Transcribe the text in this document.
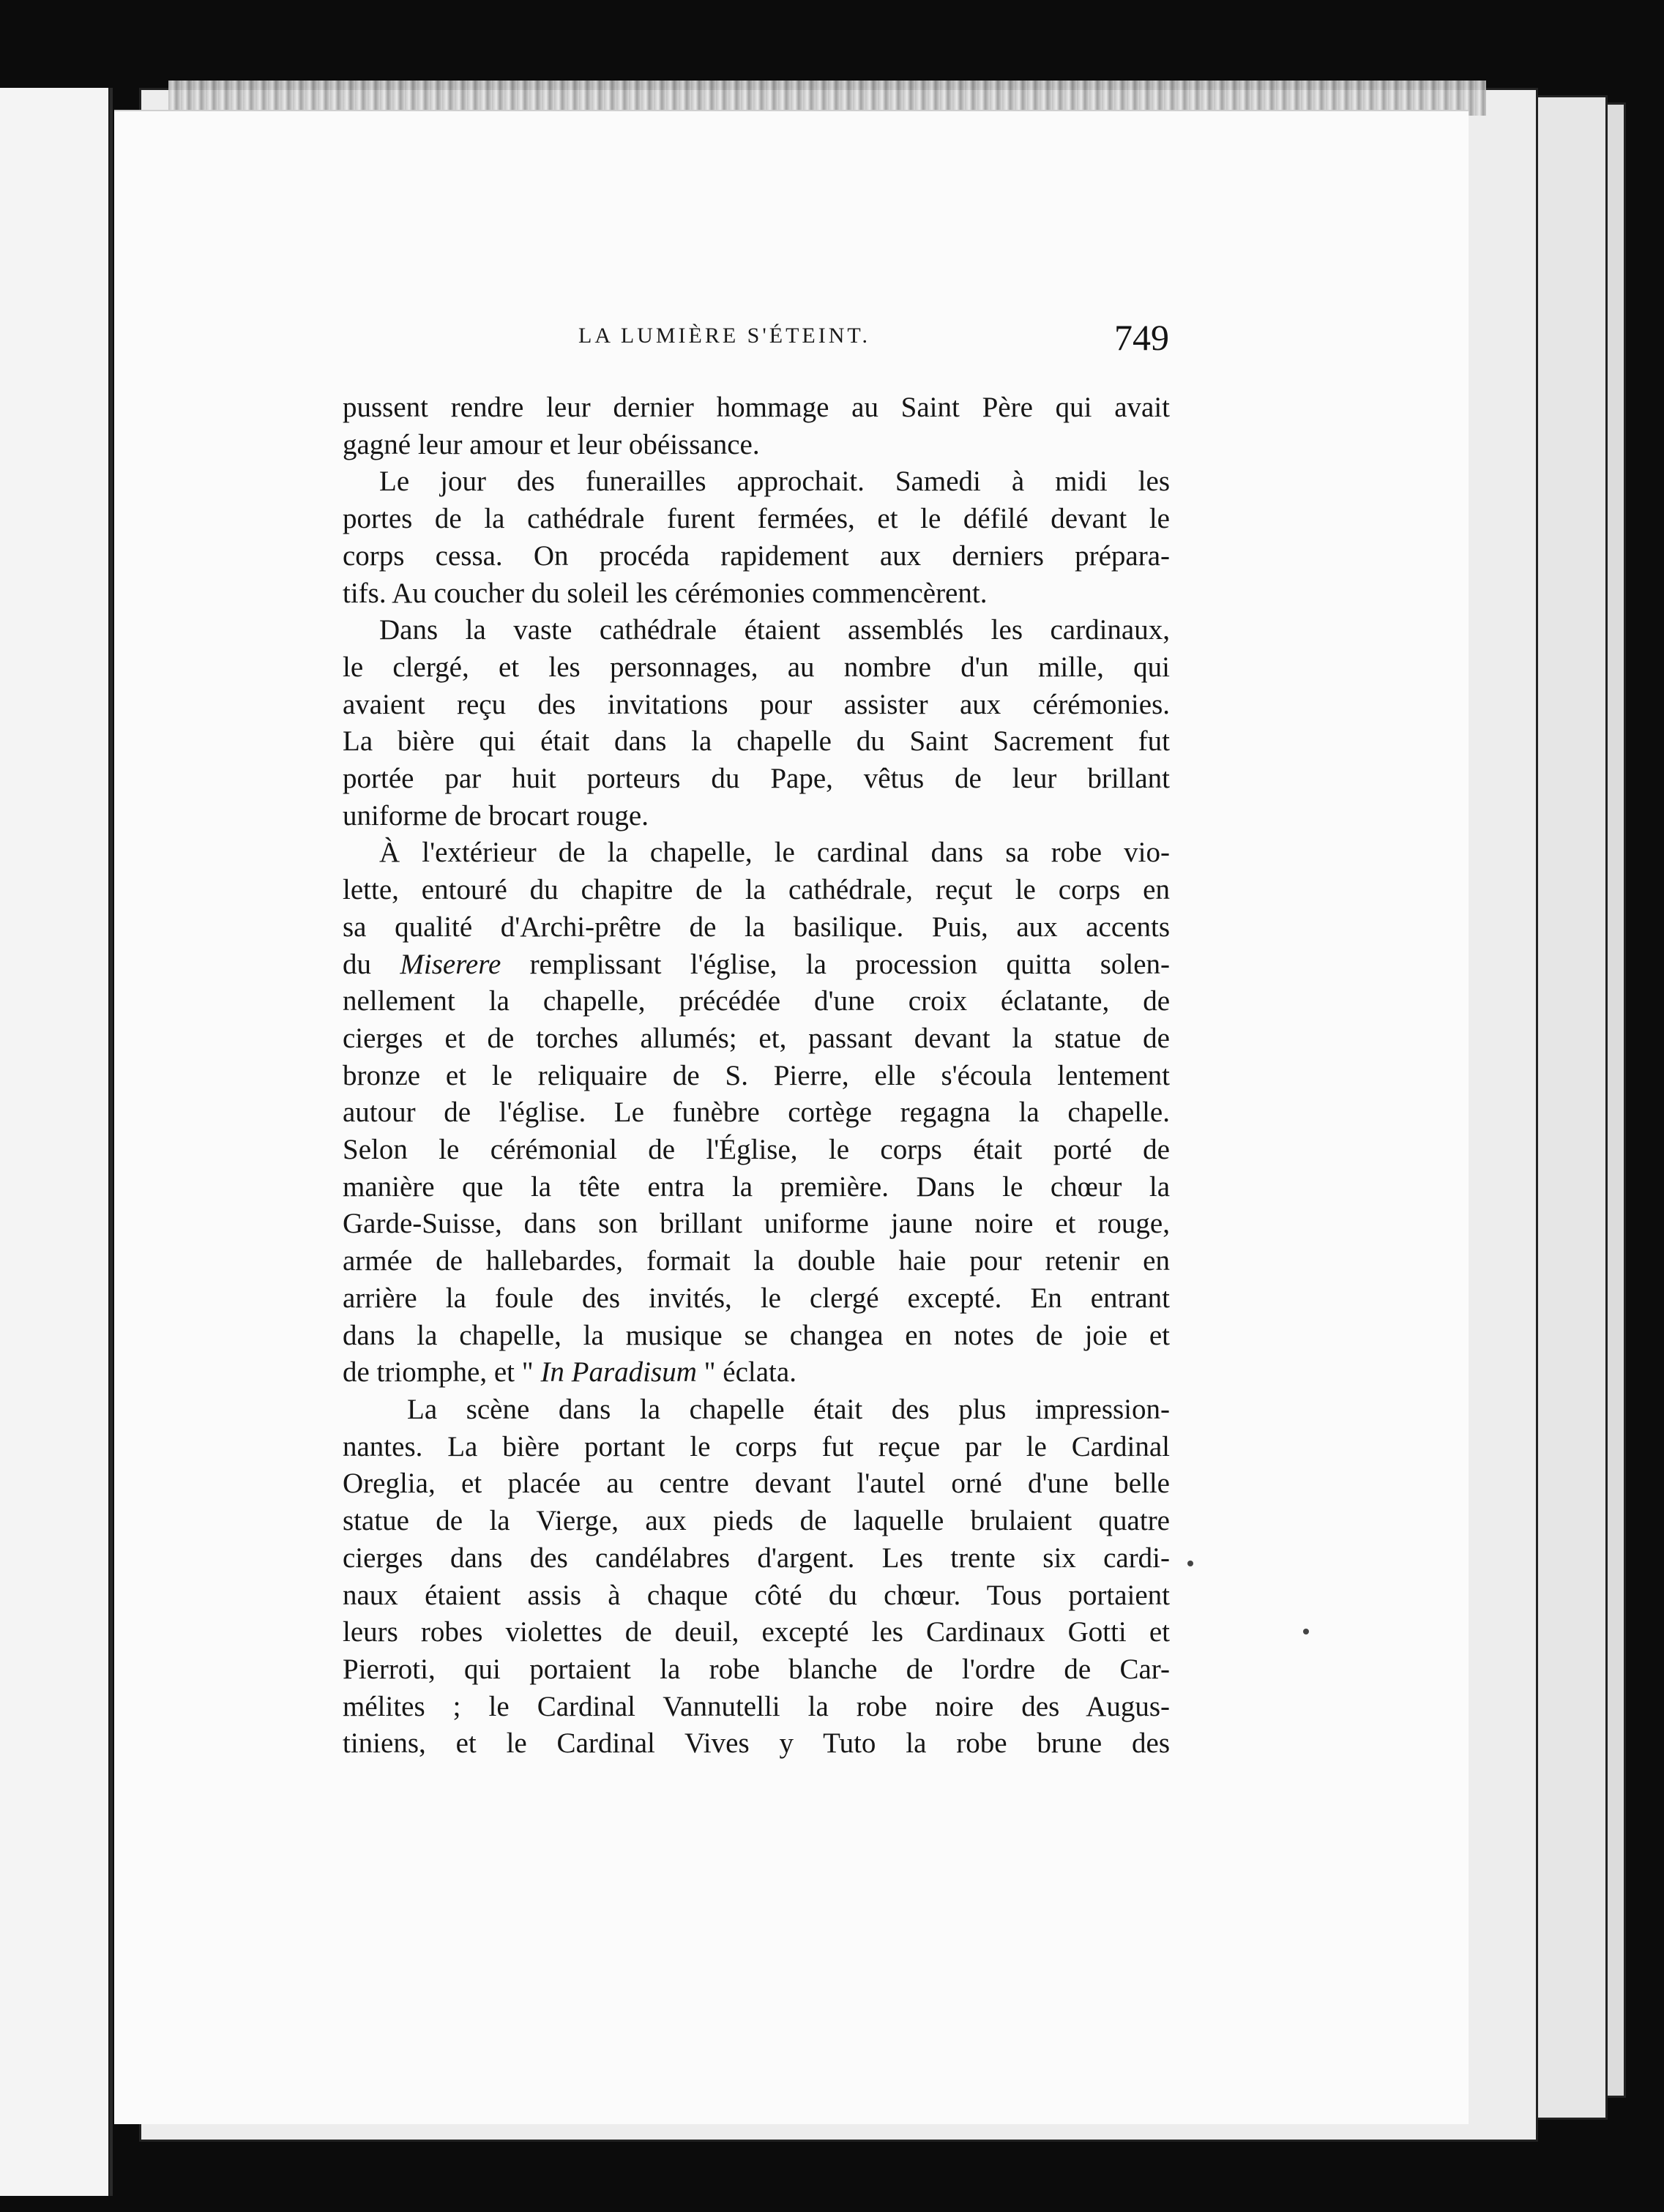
LA LUMIÈRE S'ÉTEINT.	749
pussent rendre leur dernier hommage au Saint Père qui avait
gagné leur amour et leur obéissance.
Le jour des funerailles approchait. Samedi à midi les
portes de la cathédrale furent fermées, et le défilé devant le
corps cessa. On procéda rapidement aux derniers prépara-
tifs. Au coucher du soleil les cérémonies commencèrent.
Dans la vaste cathédrale étaient assemblés les cardinaux,
le clergé, et les personnages, au nombre d'un mille, qui
avaient reçu des invitations pour assister aux cérémonies.
La bière qui était dans la chapelle du Saint Sacrement fut
portée par huit porteurs du Pape, vêtus de leur brillant
uniforme de brocart rouge.
À l'extérieur de la chapelle, le cardinal dans sa robe vio-
lette, entouré du chapitre de la cathédrale, reçut le corps en
sa qualité d'Archi-prêtre de la basilique. Puis, aux accents
du Miserere remplissant l'église, la procession quitta solen-
nellement la chapelle, précédée d'une croix éclatante, de
cierges et de torches allumés; et, passant devant la statue de
bronze et le reliquaire de S. Pierre, elle s'écoula lentement
autour de l'église. Le funèbre cortège regagna la chapelle.
Selon le cérémonial de l'Église, le corps était porté de
manière que la tête entra la première. Dans le chœur la
Garde-Suisse, dans son brillant uniforme jaune noire et rouge,
armée de hallebardes, formait la double haie pour retenir en
arrière la foule des invités, le clergé excepté. En entrant
dans la chapelle, la musique se changea en notes de joie et
de triomphe, et " In Paradisum " éclata.
La scène dans la chapelle était des plus impression-
nantes. La bière portant le corps fut reçue par le Cardinal
Oreglia, et placée au centre devant l'autel orné d'une belle
statue de la Vierge, aux pieds de laquelle brulaient quatre
cierges dans des candélabres d'argent. Les trente six cardi-
naux étaient assis à chaque côté du chœur. Tous portaient
leurs robes violettes de deuil, excepté les Cardinaux Gotti et
Pierroti, qui portaient la robe blanche de l'ordre de Car-
mélites ; le Cardinal Vannutelli la robe noire des Augus-
tiniens, et le Cardinal Vives y Tuto la robe brune des
